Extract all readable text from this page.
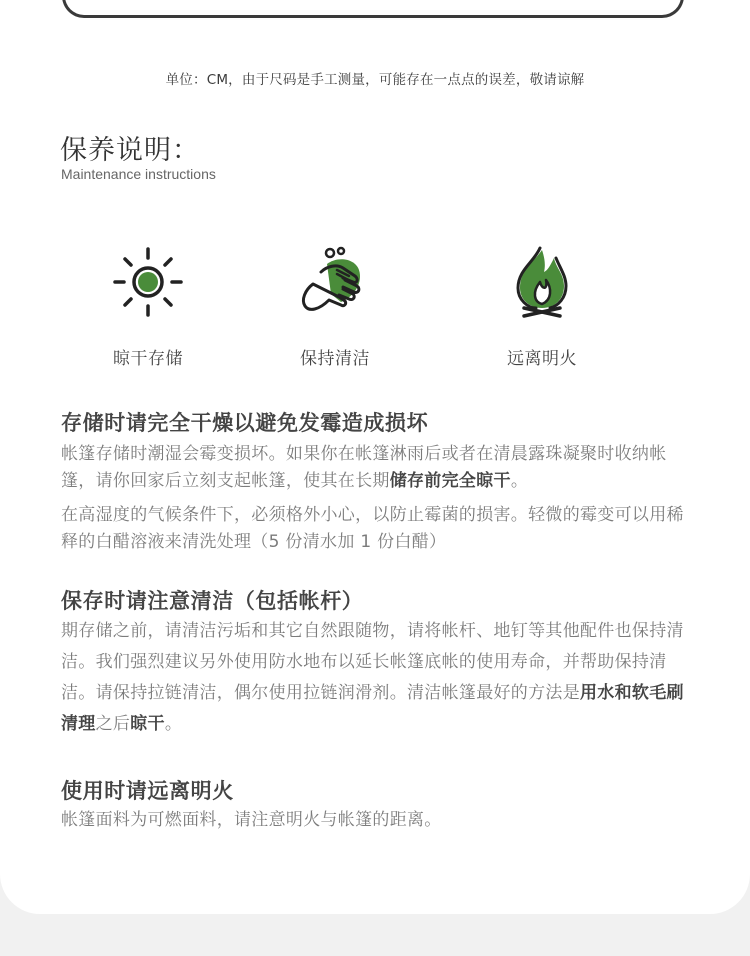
单位：CM，由于尺码是手工测量，可能存在一点点的误差，敬请谅解
保养说明：
Maintenance instructions
晾干存储	保持清洁	远离明火
存储时请完全干燥以避免发霉造成损坏
帐篷存储时潮湿会霉变损坏。如果你在帐篷淋雨后或者在清晨露珠凝聚时收纳帐篷，请你回家后立刻支起帐篷，使其在长期储存前完全晾干。
在高湿度的气候条件下，必须格外小心，以防止霉菌的损害。轻微的霉变可以用稀释的白醋溶液来清洗处理（5 份清水加 1 份白醋）
保存时请注意清洁（包括帐杆）
期存储之前，请清洁污垢和其它自然跟随物，请将帐杆、地钉等其他配件也保持清洁。我们强烈建议另外使用防水地布以延长帐篷底帐的使用寿命，并帮助保持清洁。请保持拉链清洁，偶尔使用拉链润滑剂。清洁帐篷最好的方法是用水和软毛刷清理之后晾干。
使用时请远离明火
帐篷面料为可燃面料，请注意明火与帐篷的距离。
